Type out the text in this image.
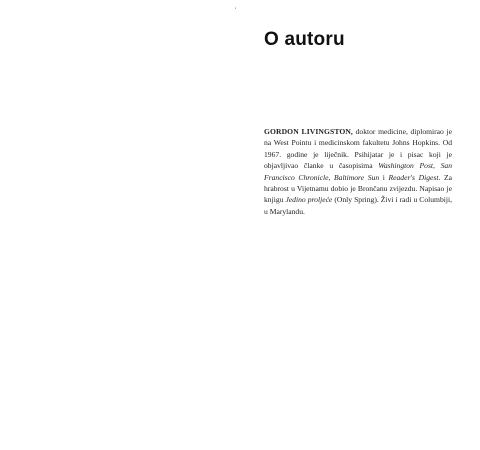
'
O autoru

GORDON LIVINGSTON, doktor medicine, diplomirao je na West Pointu i medicinskom fakultetu Johns Hopkins. Od 1967. godine je liječnik. Psihijatar je i pisac koji je objavljivao članke u časopisima Washington Post, San Francisco Chronicle, Baltimore Sun i Reader's Digest. Za hrabrost u Vijetnamu dobio je Brončanu zvijezdu. Napisao je knjigu Jedino proljeće (Only Spring). Živi i radi u Columbiji, u Marylandu.
